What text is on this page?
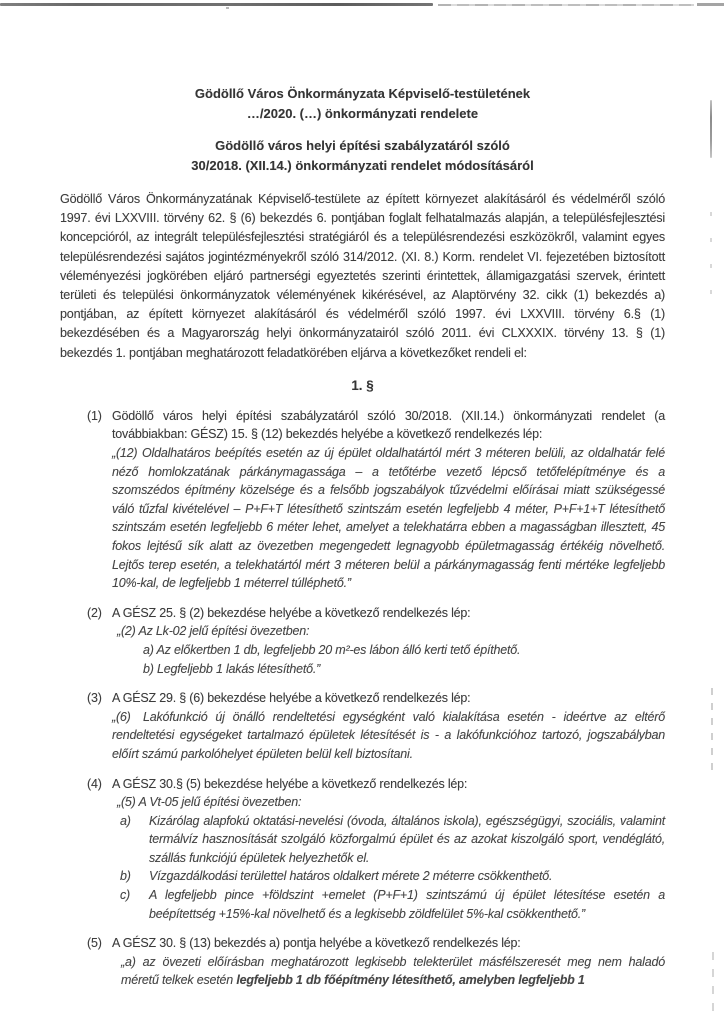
Gödöllő Város Önkormányzata Képviselő-testületének
…/2020. (…) önkormányzati rendelete
Gödöllő város helyi építési szabályzatáról szóló
30/2018. (XII.14.) önkormányzati rendelet módosításáról
Gödöllő Város Önkormányzatának Képviselő-testülete az épített környezet alakításáról és védelméről szóló 1997. évi LXXVIII. törvény 62. § (6) bekezdés 6. pontjában foglalt felhatalmazás alapján, a településfejlesztési koncepcióról, az integrált településfejlesztési stratégiáról és a településrendezési eszközökről, valamint egyes településrendezési sajátos jogintézményekről szóló 314/2012. (XI. 8.) Korm. rendelet VI. fejezetében biztosított véleményezési jogkörében eljáró partnerségi egyeztetés szerinti érintettek, államigazgatási szervek, érintett területi és települési önkormányzatok véleményének kikérésével, az Alaptörvény 32. cikk (1) bekezdés a) pontjában, az épített környezet alakításáról és védelméről szóló 1997. évi LXXVIII. törvény 6.§ (1) bekezdésében és a Magyarország helyi önkormányzatairól szóló 2011. évi CLXXXIX. törvény 13. § (1) bekezdés 1. pontjában meghatározott feladatkörében eljárva a következőket rendeli el:
1. §
(1) Gödöllő város helyi építési szabályzatáról szóló 30/2018. (XII.14.) önkormányzati rendelet (a továbbiakban: GÉSZ) 15. § (12) bekezdés helyébe a következő rendelkezés lép:
„(12) Oldalhatáros beépítés esetén az új épület oldalhatártól mért 3 méteren belüli, az oldalhatár felé néző homlokzatának párkánymagassága – a tetőtérbe vezető lépcső tetőfelépítménye és a szomszédos építmény közelsége és a felsőbb jogszabályok tűzvédelmi előírásai miatt szükségessé váló tűzfal kivételével – P+F+T létesíthető szintszám esetén legfeljebb 4 méter, P+F+1+T létesíthető szintszám esetén legfeljebb 6 méter lehet, amelyet a telekhatárra ebben a magasságban illesztett, 45 fokos lejtésű sík alatt az övezetben megengedett legnagyobb épületmagasság értékéig növelhető. Lejtős terep esetén, a telekhatártól mért 3 méteren belül a párkánymagasság fenti mértéke legfeljebb 10%-kal, de legfeljebb 1 méterrel túlléphető.”
(2) A GÉSZ 25. § (2) bekezdése helyébe a következő rendelkezés lép:
„(2) Az Lk-02 jelű építési övezetben:
a) Az előkertben 1 db, legfeljebb 20 m²-es lábon álló kerti tető építhető.
b) Legfeljebb 1 lakás létesíthető.”
(3) A GÉSZ 29. § (6) bekezdése helyébe a következő rendelkezés lép:
„(6) Lakófunkció új önálló rendeltetési egységként való kialakítása esetén - ideértve az eltérő rendeltetési egységeket tartalmazó épületek létesítését is - a lakófunkcióhoz tartozó, jogszabályban előírt számú parkolóhelyet épületen belül kell biztosítani.
(4) A GÉSZ 30.§ (5) bekezdése helyébe a következő rendelkezés lép:
„(5) A Vt-05 jelű építési övezetben:
a)	Kizárólag alapfokú oktatási-nevelési (óvoda, általános iskola), egészségügyi, szociális, valamint termálvíz hasznosítását szolgáló közforgalmú épület és az azokat kiszolgáló sport, vendéglátó, szállás funkciójú épületek helyezhetők el.
b)	Vízgazdálkodási területtel határos oldalkert mérete 2 méterre csökkenthető.
c)	A legfeljebb pince +földszint +emelet (P+F+1) szintszámú új épület létesítése esetén a beépítettség +15%-kal növelhető és a legkisebb zöldfelület 5%-kal csökkenthető.”
(5) A GÉSZ 30. § (13) bekezdés a) pontja helyébe a következő rendelkezés lép:
„a) az övezeti előírásban meghatározott legkisebb telekterület másfélszeresét meg nem haladó méretű telkek esetén legfeljebb 1 db főépítmény létesíthető, amelyben legfeljebb 1
